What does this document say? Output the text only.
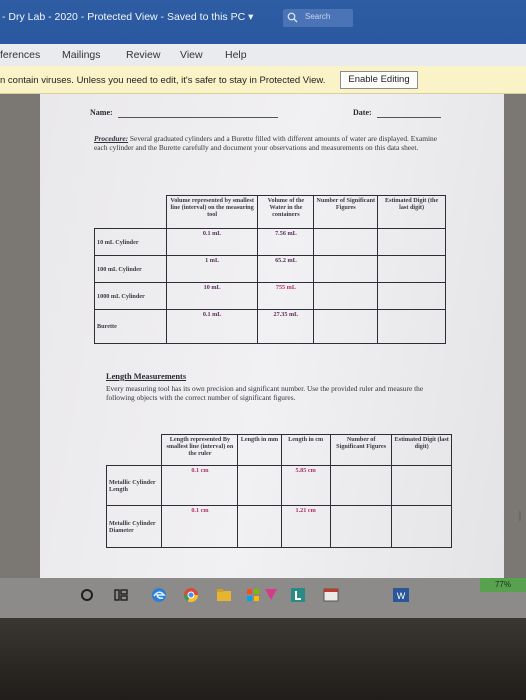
- Dry Lab - 2020 - Protected View - Saved to this PC ▾	Search
ferences Mailings Review View Help
n contain viruses. Unless you need to edit, it's safer to stay in Protected View.	Enable Editing
Name:	Date:
Procedure: Several graduated cylinders and a Burette filled with different amounts of water are displayed. Examine each cylinder and the Burette carefully and document your observations and measurements on this data sheet.
	Volume represented by smallest line (interval) on the measuring tool	Volume of the Water in the containers	Number of Significant Figures	Estimated Digit (the last digit)
10 mL Cylinder	0.1 mL	7.56 mL		
100 mL Cylinder	1 mL	65.2 mL		
1000 mL Cylinder	10 mL	755 mL		
Burette	0.1 mL	27.35 mL		
Length Measurements
Every measuring tool has its own precision and significant number. Use the provided ruler and measure the following objects with the correct number of significant figures.
	Length represented By smallest line (interval) on the ruler	Length in mm	Length in cm	Number of Significant Figures	Estimated Digit (last digit)
Metallic Cylinder Length	0.1 cm		5.85 cm		
Metallic Cylinder Diameter	0.1 cm		1.21 cm			I
W
77%
